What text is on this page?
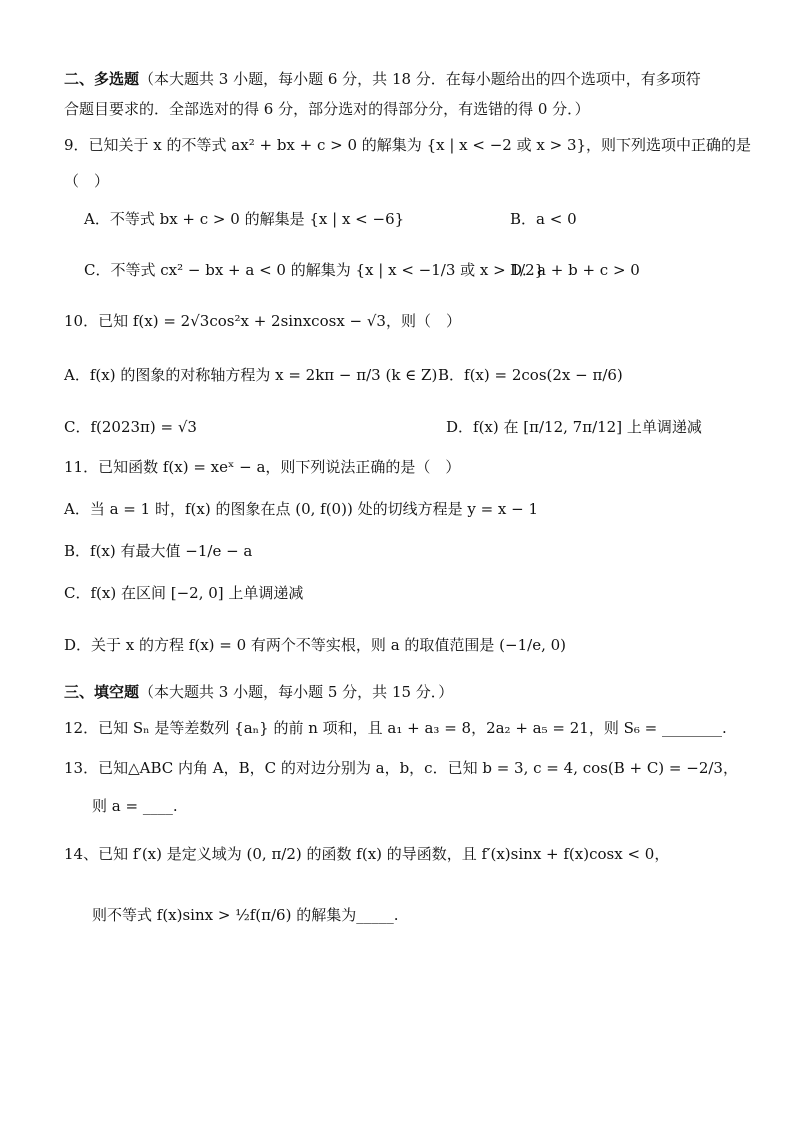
二、多选题（本大题共 3 小题，每小题 6 分，共 18 分．在每小题给出的四个选项中，有多项符
合题目要求的．全部选对的得 6 分，部分选对的得部分分，有选错的得 0 分．）
9．已知关于 x 的不等式 ax² + bx + c > 0 的解集为 {x | x < −2 或 x > 3}，则下列选项中正确的是
（　）
A．不等式 bx + c > 0 的解集是 {x | x < −6}	B．a < 0
C．不等式 cx² − bx + a < 0 的解集为 {x | x < −1/3 或 x > 1/2}
D．a + b + c > 0
10．已知 f(x) = 2√3cos²x + 2sinxcosx − √3，则（　）
A．f(x) 的图象的对称轴方程为 x = 2kπ − π/3 (k ∈ Z) B．f(x) = 2cos(2x − π/6)
C．f(2023π) = √3	D．f(x) 在 [π/12, 7π/12] 上单调递减
11．已知函数 f(x) = xeˣ − a，则下列说法正确的是（　）
A．当 a = 1 时，f(x) 的图象在点 (0, f(0)) 处的切线方程是 y = x − 1
B．f(x) 有最大值 −1/e − a
C．f(x) 在区间 [−2, 0] 上单调递减
D．关于 x 的方程 f(x) = 0 有两个不等实根，则 a 的取值范围是 (−1/e, 0)
三、填空题（本大题共 3 小题，每小题 5 分，共 15 分．）
12．已知 Sₙ 是等差数列 {aₙ} 的前 n 项和，且 a₁ + a₃ = 8，2a₂ + a₅ = 21，则 S₆ = ________.
13．已知△ABC 内角 A，B，C 的对边分别为 a，b，c．已知 b = 3, c = 4, cos(B + C) = −2/3，
则 a = ____.
14、已知 f′(x) 是定义域为 (0, π/2) 的函数 f(x) 的导函数，且 f′(x)sinx + f(x)cosx < 0，
则不等式 f(x)sinx > ½f(π/6) 的解集为_____.
